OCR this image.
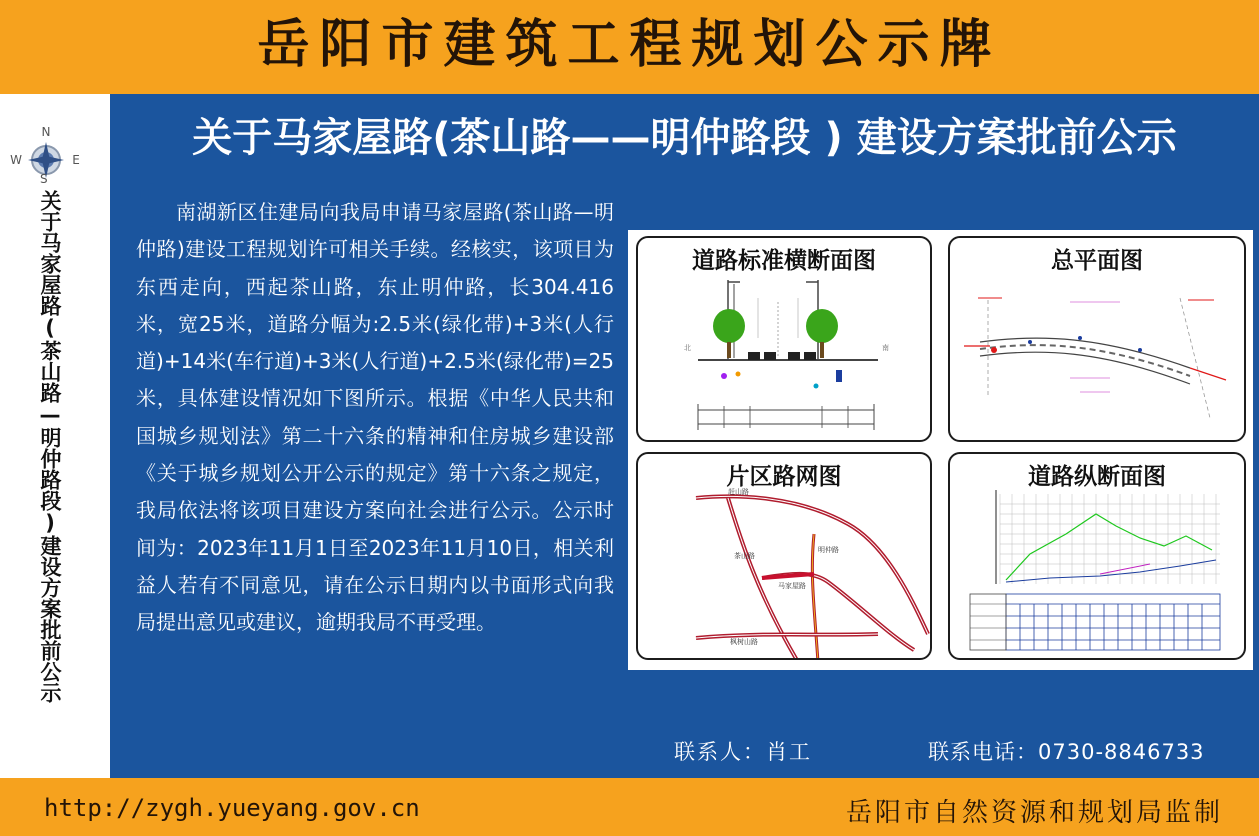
岳阳市建筑工程规划公示牌
N
W	E
S
关于马家屋路(茶山路—明仲路段)建设方案批前公示
关于马家屋路(茶山路——明仲路段 ) 建设方案批前公示
南湖新区住建局向我局申请马家屋路(茶山路—明仲路)建设工程规划许可相关手续。经核实，该项目为东西走向，西起茶山路，东止明仲路，长304.416米，宽25米，道路分幅为:2.5米(绿化带)+3米(人行道)+14米(车行道)+3米(人行道)+2.5米(绿化带)=25米，具体建设情况如下图所示。根据《中华人民共和国城乡规划法》第二十六条的精神和住房城乡建设部《关于城乡规划公开公示的规定》第十六条之规定，我局依法将该项目建设方案向社会进行公示。公示时间为：2023年11月1日至2023年11月10日，相关利益人若有不同意见，请在公示日期内以书面形式向我局提出意见或建议，逾期我局不再受理。
道路标准横断面图
北	南
总平面图
片区路网图
赶山路
茶山路
明仲路
马家屋路
枫树山路
道路纵断面图
联系人：肖工	联系电话：0730-8846733
http://zygh.yueyang.gov.cn	岳阳市自然资源和规划局监制
